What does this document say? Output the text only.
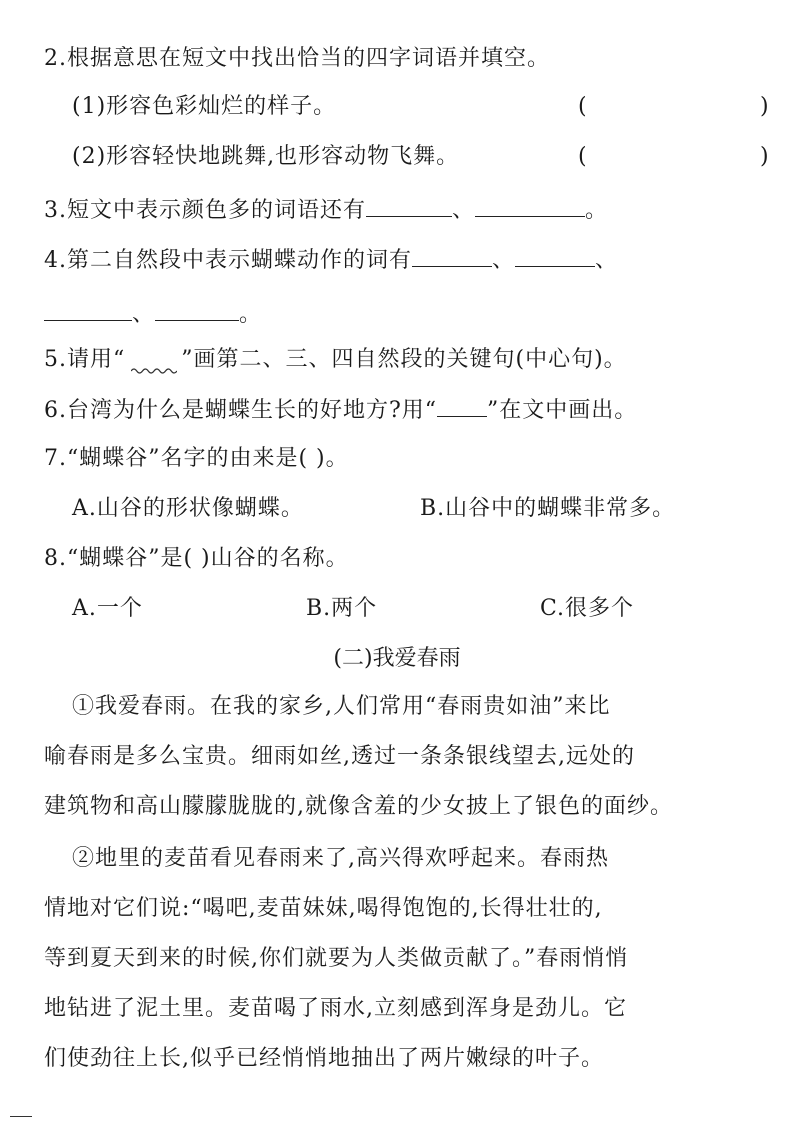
2.根据意思在短文中找出恰当的四字词语并填空。
(1)形容色彩灿烂的样子。	(	)
(2)形容轻快地跳舞,也形容动物飞舞。	(	)
3.短文中表示颜色多的词语还有	、	。
4.第二自然段中表示蝴蝶动作的词有	、	、
、	。
5.请用“	”画第二、三、四自然段的关键句(中心句)。
6.台湾为什么是蝴蝶生长的好地方?用“ ”在文中画出。
7.“蝴蝶谷”名字的由来是( )。
A.山谷的形状像蝴蝶。	B.山谷中的蝴蝶非常多。
8.“蝴蝶谷”是( )山谷的名称。
A.一个	B.两个	C.很多个
(二)我爱春雨
①我爱春雨。在我的家乡,人们常用“春雨贵如油”来比
喻春雨是多么宝贵。细雨如丝,透过一条条银线望去,远处的
建筑物和高山朦朦胧胧的,就像含羞的少女披上了银色的面纱。
②地里的麦苗看见春雨来了,高兴得欢呼起来。春雨热
情地对它们说:“喝吧,麦苗妹妹,喝得饱饱的,长得壮壮的,
等到夏天到来的时候,你们就要为人类做贡献了。”春雨悄悄
地钻进了泥土里。麦苗喝了雨水,立刻感到浑身是劲儿。它
们使劲往上长,似乎已经悄悄地抽出了两片嫩绿的叶子。
